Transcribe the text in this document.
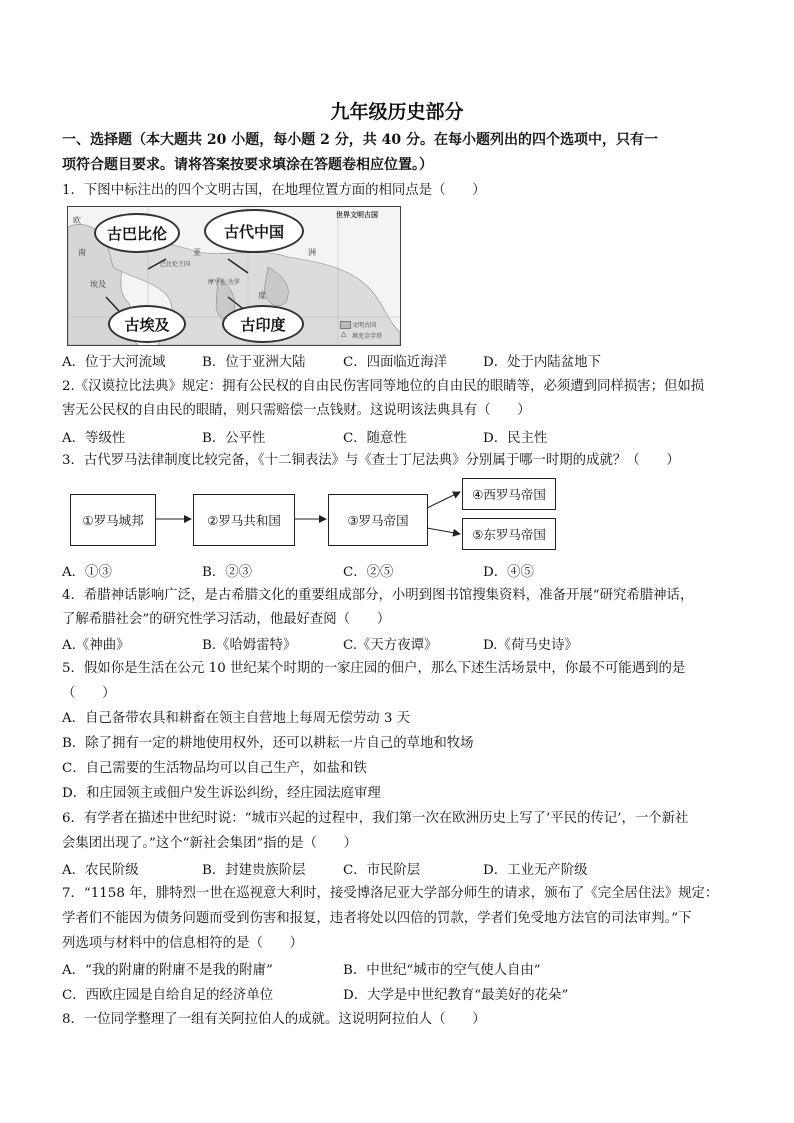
九年级历史部分
一、选择题（本大题共 20 小题，每小题 2 分，共 40 分。在每小题列出的四个选项中，只有一
项符合题目要求。请将答案按要求填涂在答题卷相应位置。）
1．下图中标注出的四个文明古国，在地理位置方面的相同点是（　　）
世界文明古国
巴比伦王国
摩亨佐·达罗
埃及
度
南	亚	洲
欧
古巴比伦	古代中国
古埃及	古印度	文明古国
△ 填充金字塔
A．位于大河流域	B．位于亚洲大陆	C．四面临近海洋	D．处于内陆盆地下
2.《汉谟拉比法典》规定：拥有公民权的自由民伤害同等地位的自由民的眼睛等，必须遭到同样损害；但如损
害无公民权的自由民的眼睛，则只需赔偿一点钱财。这说明该法典具有（　　）
A．等级性	B．公平性	C．随意性	D．民主性
3．古代罗马法律制度比较完备，《十二铜表法》与《查士丁尼法典》分别属于哪一时期的成就？（　　）
①罗马城邦	②罗马共和国	③罗马帝国
④西罗马帝国
⑤东罗马帝国
A．①③	B．②③	C．②⑤	D．④⑤
4．希腊神话影响广泛，是古希腊文化的重要组成部分，小明到图书馆搜集资料，准备开展“研究希腊神话，
了解希腊社会”的研究性学习活动，他最好查阅（　　）
A.《神曲》	B.《哈姆雷特》	C.《天方夜谭》	D.《荷马史诗》
5．假如你是生活在公元 10 世纪某个时期的一家庄园的佃户，那么下述生活场景中，你最不可能遇到的是
（　　）
A．自己备带农具和耕畜在领主自营地上每周无偿劳动 3 天
B．除了拥有一定的耕地使用权外，还可以耕耘一片自己的草地和牧场
C．自己需要的生活物品均可以自己生产，如盐和铁
D．和庄园领主或佃户发生诉讼纠纷，经庄园法庭审理
6．有学者在描述中世纪时说：“城市兴起的过程中，我们第一次在欧洲历史上写了‘平民的传记’，一个新社
会集团出现了。”这个“新社会集团”指的是（　　）
A．农民阶级	B．封建贵族阶层	C．市民阶层	D．工业无产阶级
7．“1158 年，腓特烈一世在巡视意大利时，接受博洛尼亚大学部分师生的请求，颁布了《完全居住法》规定：
学者们不能因为债务问题而受到伤害和报复，违者将处以四倍的罚款，学者们免受地方法官的司法审判。”下
列选项与材料中的信息相符的是（　　）
A．“我的附庸的附庸不是我的附庸”	B．中世纪“城市的空气使人自由”
C．西欧庄园是自给自足的经济单位	D．大学是中世纪教育“最美好的花朵”
8．一位同学整理了一组有关阿拉伯人的成就。这说明阿拉伯人（　　）
